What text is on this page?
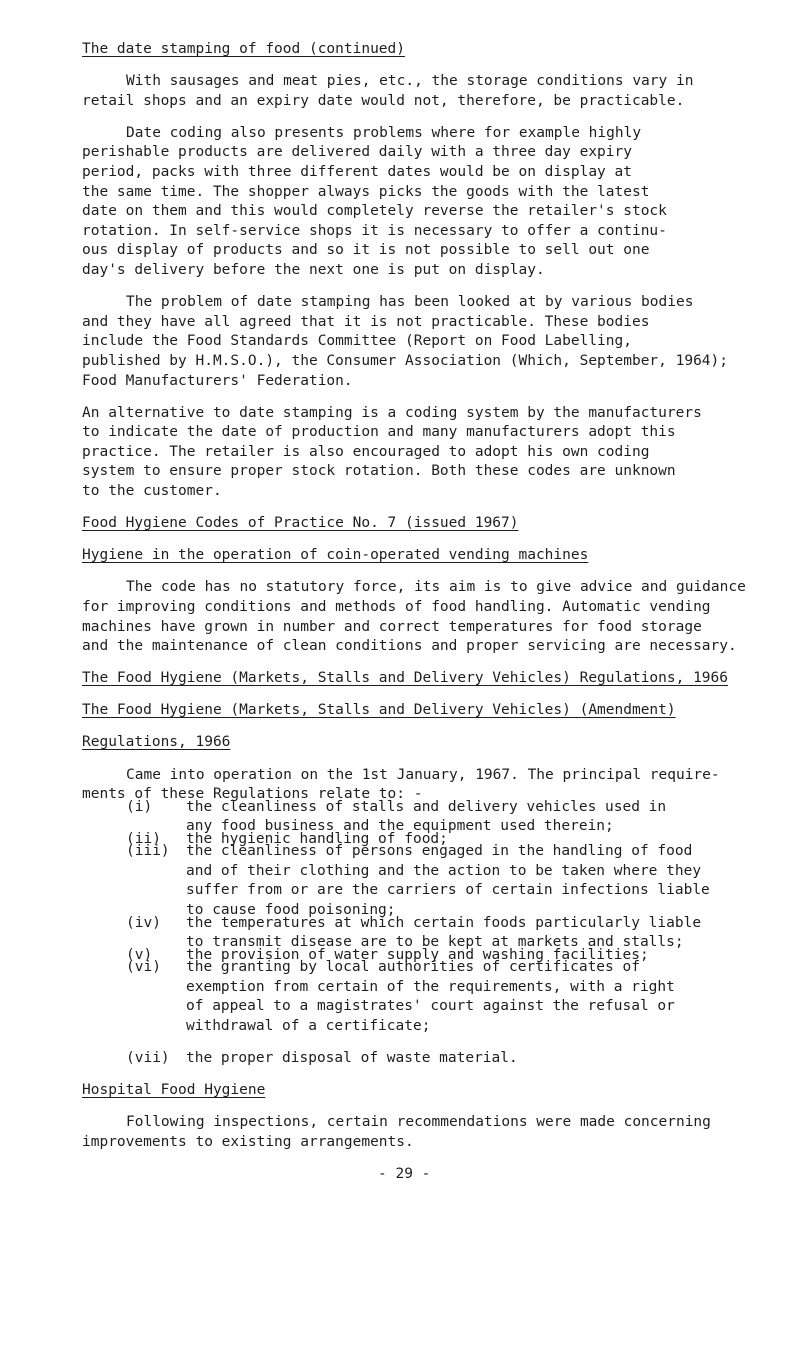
The date stamping of food (continued)
With sausages and meat pies, etc., the storage conditions vary in
retail shops and an expiry date would not, therefore, be practicable.
Date coding also presents problems where for example highly
perishable products are delivered daily with a three day expiry
period, packs with three different dates would be on display at
the same time. The shopper always picks the goods with the latest
date on them and this would completely reverse the retailer's stock
rotation. In self-service shops it is necessary to offer a continu-
ous display of products and so it is not possible to sell out one
day's delivery before the next one is put on display.
The problem of date stamping has been looked at by various bodies
and they have all agreed that it is not practicable. These bodies
include the Food Standards Committee (Report on Food Labelling,
published by H.M.S.O.), the Consumer Association (Which, September, 1964);
Food Manufacturers' Federation.
An alternative to date stamping is a coding system by the manufacturers
to indicate the date of production and many manufacturers adopt this
practice. The retailer is also encouraged to adopt his own coding
system to ensure proper stock rotation. Both these codes are unknown
to the customer.
Food Hygiene Codes of Practice No. 7 (issued 1967)
Hygiene in the operation of coin-operated vending machines
The code has no statutory force, its aim is to give advice and guidance
for improving conditions and methods of food handling. Automatic vending
machines have grown in number and correct temperatures for food storage
and the maintenance of clean conditions and proper servicing are necessary.
The Food Hygiene (Markets, Stalls and Delivery Vehicles) Regulations, 1966
The Food Hygiene (Markets, Stalls and Delivery Vehicles) (Amendment)
Regulations, 1966
Came into operation on the 1st January, 1967. The principal require-
ments of these Regulations relate to: -
(i) the cleanliness of stalls and delivery vehicles used in
any food business and the equipment used therein;
(ii) the hygienic handling of food;
(iii) the cleanliness of persons engaged in the handling of food
and of their clothing and the action to be taken where they
suffer from or are the carriers of certain infections liable
to cause food poisoning;
(iv) the temperatures at which certain foods particularly liable
to transmit disease are to be kept at markets and stalls;
(v) the provision of water supply and washing facilities;
(vi) the granting by local authorities of certificates of
exemption from certain of the requirements, with a right
of appeal to a magistrates' court against the refusal or
withdrawal of a certificate;
(vii) the proper disposal of waste material.
Hospital Food Hygiene
Following inspections, certain recommendations were made concerning
improvements to existing arrangements.
- 29 -
